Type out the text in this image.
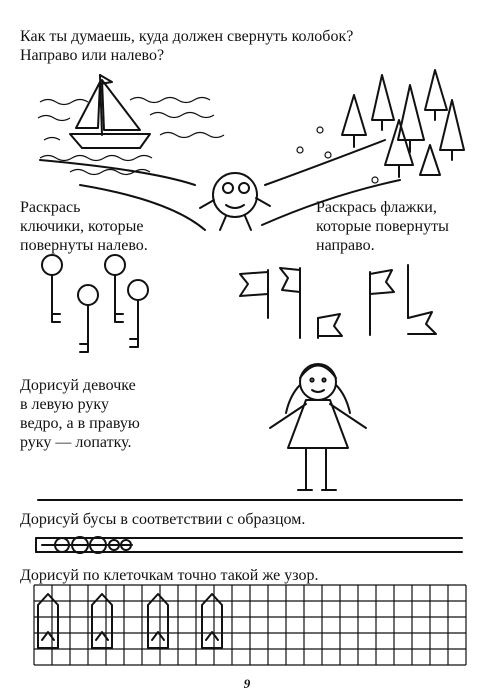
Как ты думаешь, куда должен свернуть колобок?
Направо или налево?
Раскрась
ключики, которые
повернуты налево.
Раскрась флажки,
которые повернуты
направо.
Дорисуй девочке
в левую руку
ведро, а в правую
руку — лопатку.
Дорисуй бусы в соответствии с образцом.
Дорисуй по клеточкам точно такой же узор.
9
